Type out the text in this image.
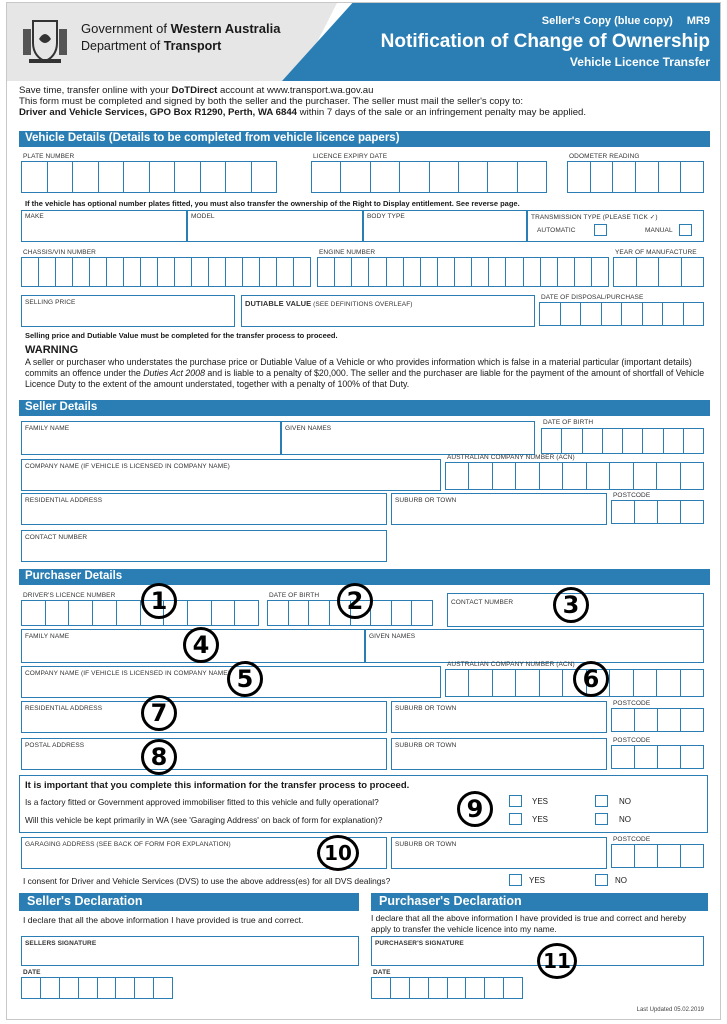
Government of Western Australia
Department of Transport
Seller's Copy (blue copy) MR9
Notification of Change of Ownership
Vehicle Licence Transfer
Save time, transfer online with your DoTDirect account at www.transport.wa.gov.au
This form must be completed and signed by both the seller and the purchaser. The seller must mail the seller's copy to:
Driver and Vehicle Services, GPO Box R1290, Perth, WA 6844 within 7 days of the sale or an infringement penalty may be applied.
Vehicle Details (Details to be completed from vehicle licence papers)
PLATE NUMBER	LICENCE EXPIRY DATE	ODOMETER READING
If the vehicle has optional number plates fitted, you must also transfer the ownership of the Right to Display entitlement. See reverse page.
MAKE	MODEL	BODY TYPE	TRANSMISSION TYPE (PLEASE TICK ✓)
AUTOMATIC	MANUAL
CHASSIS/VIN NUMBER	ENGINE NUMBER	YEAR OF MANUFACTURE
SELLING PRICE	DUTIABLE VALUE (SEE DEFINITIONS OVERLEAF)
DATE OF DISPOSAL/PURCHASE
Selling price and Dutiable Value must be completed for the transfer process to proceed.
WARNING
A seller or purchaser who understates the purchase price or Dutiable Value of a Vehicle or who provides information which is false in a material particular (important details) commits an offence under the Duties Act 2008 and is liable to a penalty of $20,000. The seller and the purchaser are liable for the payment of the amount of shortfall of Vehicle Licence Duty to the extent of the amount understated, together with a penalty of 100% of that Duty.
Seller Details
FAMILY NAME	GIVEN NAMES
DATE OF BIRTH
COMPANY NAME (IF VEHICLE IS LICENSED IN COMPANY NAME)
AUSTRALIAN COMPANY NUMBER (ACN)
RESIDENTIAL ADDRESS	SUBURB OR TOWN
POSTCODE
CONTACT NUMBER
Purchaser Details
DRIVER'S LICENCE NUMBER	DATE OF BIRTH
CONTACT NUMBER
FAMILY NAME	GIVEN NAMES
COMPANY NAME (IF VEHICLE IS LICENSED IN COMPANY NAME)
AUSTRALIAN COMPANY NUMBER (ACN)
RESIDENTIAL ADDRESS	SUBURB OR TOWN
POSTCODE
POSTAL ADDRESS	SUBURB OR TOWN
POSTCODE
It is important that you complete this information for the transfer process to proceed.
Is a factory fitted or Government approved immobiliser fitted to this vehicle and fully operational?	YES	NO
Will this vehicle be kept primarily in WA (see 'Garaging Address' on back of form for explanation)?	YES	NO
GARAGING ADDRESS (SEE BACK OF FORM FOR EXPLANATION)	SUBURB OR TOWN
POSTCODE
I consent for Driver and Vehicle Services (DVS) to use the above address(es) for all DVS dealings?	YES	NO
Seller's Declaration
I declare that all the above information I have provided is true and correct.
SELLERS SIGNATURE
DATE
Purchaser's Declaration
I declare that all the above information I have provided is true and correct and hereby apply to transfer the vehicle licence into my name.
PURCHASER'S SIGNATURE
DATE
Last Updated 05.02.2019
1	2	3
4
5	6
7
8
9
10
11
